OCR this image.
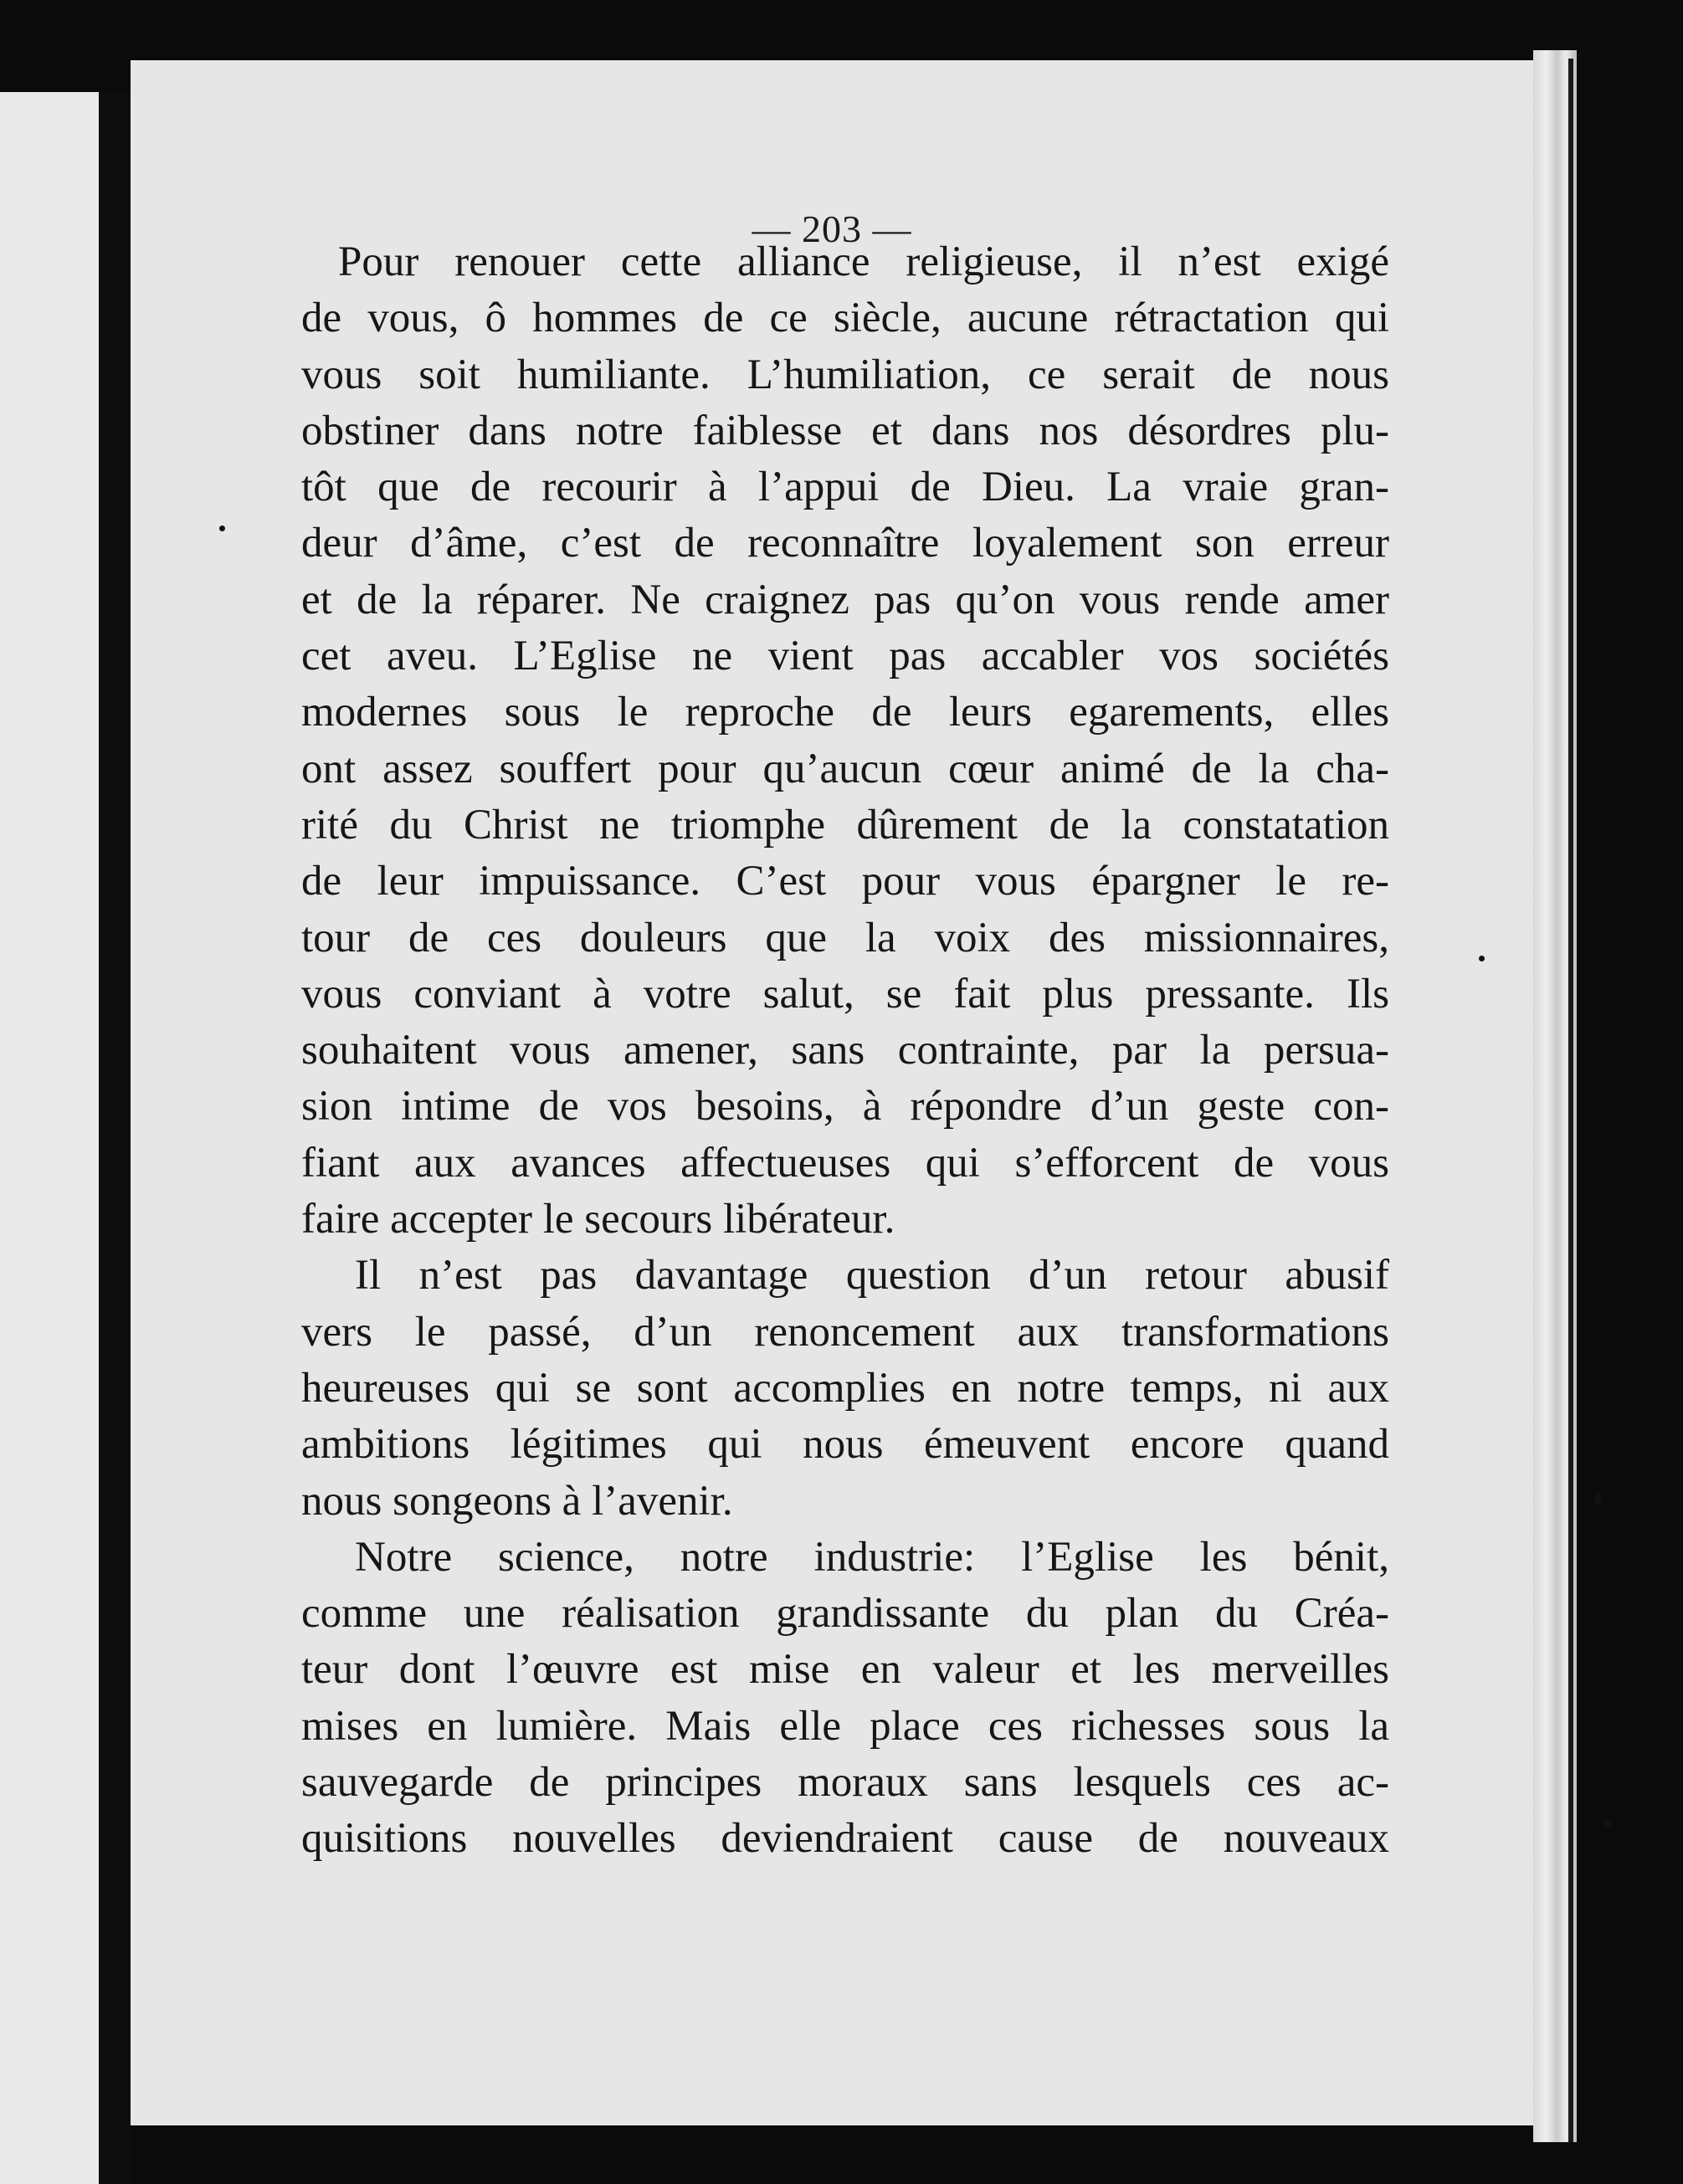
— 203 —
Pour renouer cette alliance religieuse, il n’est exigé
de vous, ô hommes de ce siècle, aucune rétractation qui
vous soit humiliante. L’humiliation, ce serait de nous
obstiner dans notre faiblesse et dans nos désordres plu-
tôt que de recourir à l’appui de Dieu. La vraie gran-
deur d’âme, c’est de reconnaître loyalement son erreur
et de la réparer. Ne craignez pas qu’on vous rende amer
cet aveu. L’Eglise ne vient pas accabler vos sociétés
modernes sous le reproche de leurs egarements, elles
ont assez souffert pour qu’aucun cœur animé de la cha-
rité du Christ ne triomphe dûrement de la constatation
de leur impuissance. C’est pour vous épargner le re-
tour de ces douleurs que la voix des missionnaires,
vous conviant à votre salut, se fait plus pressante. Ils
souhaitent vous amener, sans contrainte, par la persua-
sion intime de vos besoins, à répondre d’un geste con-
fiant aux avances affectueuses qui s’efforcent de vous
faire accepter le secours libérateur.
Il n’est pas davantage question d’un retour abusif
vers le passé, d’un renoncement aux transformations
heureuses qui se sont accomplies en notre temps, ni aux
ambitions légitimes qui nous émeuvent encore quand
nous songeons à l’avenir.
Notre science, notre industrie: l’Eglise les bénit,
comme une réalisation grandissante du plan du Créa-
teur dont l’œuvre est mise en valeur et les merveilles
mises en lumière. Mais elle place ces richesses sous la
sauvegarde de principes moraux sans lesquels ces ac-
quisitions nouvelles deviendraient cause de nouveaux
